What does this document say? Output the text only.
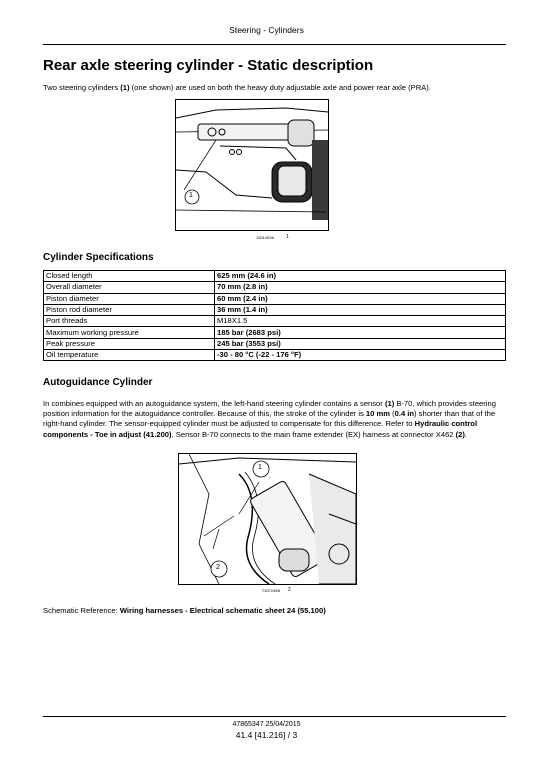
Steering - Cylinders
Rear axle steering cylinder - Static description
Two steering cylinders (1) (one shown) are used on both the heavy duty adjustable axle and power rear axle (PRA).
1
13010636 1
Cylinder Specifications
Closed length	625 mm (24.6 in)
Overall diameter	70 mm (2.8 in)
Piston diameter	60 mm (2.4 in)
Piston rod diameter	36 mm (1.4 in)
Port threads	M18X1.5
Maximum working pressure	185 bar (2683 psi)
Peak pressure	245 bar (3553 psi)
Oil temperature	-30 - 80 °C (-22 - 176 °F)
Autoguidance Cylinder
In combines equipped with an autoguidance system, the left-hand steering cylinder contains a sensor (1) B-70, which provides steering position information for the autoguidance controller. Because of this, the stroke of the cylinder is 10 mm (0.4 in) shorter than that of the right-hand cylinder. The sensor-equipped cylinder must be adjusted to compensate for this difference. Refer to Hydraulic control components - Toe in adjust (41.200). Sensor B-70 connects to the main frame extender (EX) harness at connector X462 (2).
1
2
73072468 2
Schematic Reference: Wiring harnesses - Electrical schematic sheet 24 (55.100)
47865347 25/04/2015
41.4 [41.216] / 3
